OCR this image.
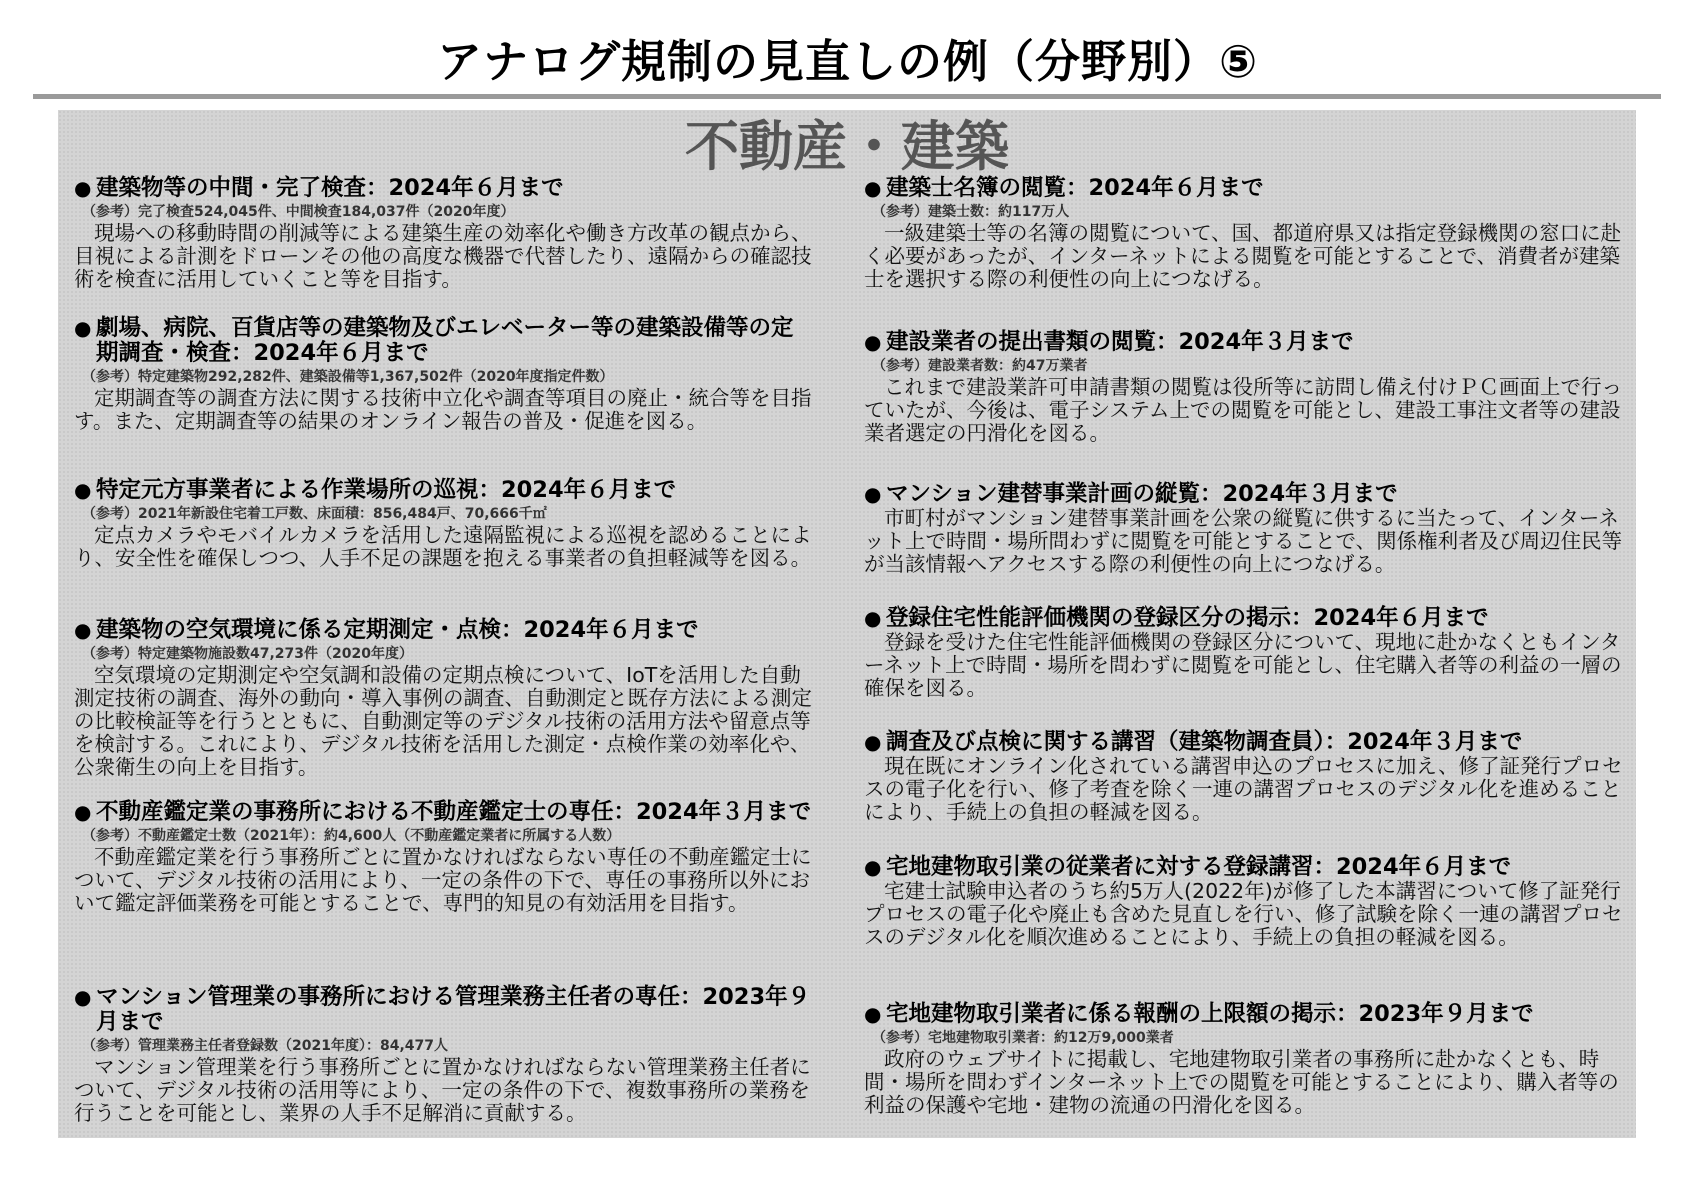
アナログ規制の見直しの例（分野別）⑤
不動産・建築

● 建築物等の中間・完了検査：2024年６月まで

（参考）完了検査524,045件、中間検査184,037件（2020年度）

現場への移動時間の削減等による建築生産の効率化や働き方改革の観点から、目視による計測をドローンその他の高度な機器で代替したり、遠隔からの確認技術を検査に活用していくこと等を目指す。

● 劇場、病院、百貨店等の建築物及びエレベーター等の建築設備等の定期調査・検査：2024年６月まで

（参考）特定建築物292,282件、建築設備等1,367,502件（2020年度指定件数）

定期調査等の調査方法に関する技術中立化や調査等項目の廃止・統合等を目指す。また、定期調査等の結果のオンライン報告の普及・促進を図る。

● 特定元方事業者による作業場所の巡視：2024年６月まで

（参考）2021年新設住宅着工戸数、床面積：856,484戸、70,666千㎡

定点カメラやモバイルカメラを活用した遠隔監視による巡視を認めることにより、安全性を確保しつつ、人手不足の課題を抱える事業者の負担軽減等を図る。

● 建築物の空気環境に係る定期測定・点検：2024年６月まで

（参考）特定建築物施設数47,273件（2020年度）

空気環境の定期測定や空気調和設備の定期点検について、IoTを活用した自動測定技術の調査、海外の動向・導入事例の調査、自動測定と既存方法による測定の比較検証等を行うとともに、自動測定等のデジタル技術の活用方法や留意点等を検討する。これにより、デジタル技術を活用した測定・点検作業の効率化や、公衆衛生の向上を目指す。

● 不動産鑑定業の事務所における不動産鑑定士の専任：2024年３月まで

（参考）不動産鑑定士数（2021年）：約4,600人（不動産鑑定業者に所属する人数）

不動産鑑定業を行う事務所ごとに置かなければならない専任の不動産鑑定士について、デジタル技術の活用により、一定の条件の下で、専任の事務所以外において鑑定評価業務を可能とすることで、専門的知見の有効活用を目指す。

● マンション管理業の事務所における管理業務主任者の専任：2023年９月まで

（参考）管理業務主任者登録数（2021年度）：84,477人

マンション管理業を行う事務所ごとに置かなければならない管理業務主任者について、デジタル技術の活用等により、一定の条件の下で、複数事務所の業務を行うことを可能とし、業界の人手不足解消に貢献する。

● 建築士名簿の閲覧：2024年６月まで

（参考）建築士数：約117万人

一級建築士等の名簿の閲覧について、国、都道府県又は指定登録機関の窓口に赴く必要があったが、インターネットによる閲覧を可能とすることで、消費者が建築士を選択する際の利便性の向上につなげる。

● 建設業者の提出書類の閲覧：2024年３月まで

（参考）建設業者数：約47万業者

これまで建設業許可申請書類の閲覧は役所等に訪問し備え付けＰＣ画面上で行っていたが、今後は、電子システム上での閲覧を可能とし、建設工事注文者等の建設業者選定の円滑化を図る。

● マンション建替事業計画の縦覧：2024年３月まで

市町村がマンション建替事業計画を公衆の縦覧に供するに当たって、インターネット上で時間・場所問わずに閲覧を可能とすることで、関係権利者及び周辺住民等が当該情報へアクセスする際の利便性の向上につなげる。

● 登録住宅性能評価機関の登録区分の掲示：2024年６月まで

登録を受けた住宅性能評価機関の登録区分について、現地に赴かなくともインターネット上で時間・場所を問わずに閲覧を可能とし、住宅購入者等の利益の一層の確保を図る。

● 調査及び点検に関する講習（建築物調査員）：2024年３月まで

現在既にオンライン化されている講習申込のプロセスに加え、修了証発行プロセスの電子化を行い、修了考査を除く一連の講習プロセスのデジタル化を進めることにより、手続上の負担の軽減を図る。

● 宅地建物取引業の従業者に対する登録講習：2024年６月まで

宅建士試験申込者のうち約5万人(2022年)が修了した本講習について修了証発行プロセスの電子化や廃止も含めた見直しを行い、修了試験を除く一連の講習プロセスのデジタル化を順次進めることにより、手続上の負担の軽減を図る。

● 宅地建物取引業者に係る報酬の上限額の掲示：2023年９月まで

（参考）宅地建物取引業者：約12万9,000業者

政府のウェブサイトに掲載し、宅地建物取引業者の事務所に赴かなくとも、時間・場所を問わずインターネット上での閲覧を可能とすることにより、購入者等の利益の保護や宅地・建物の流通の円滑化を図る。
